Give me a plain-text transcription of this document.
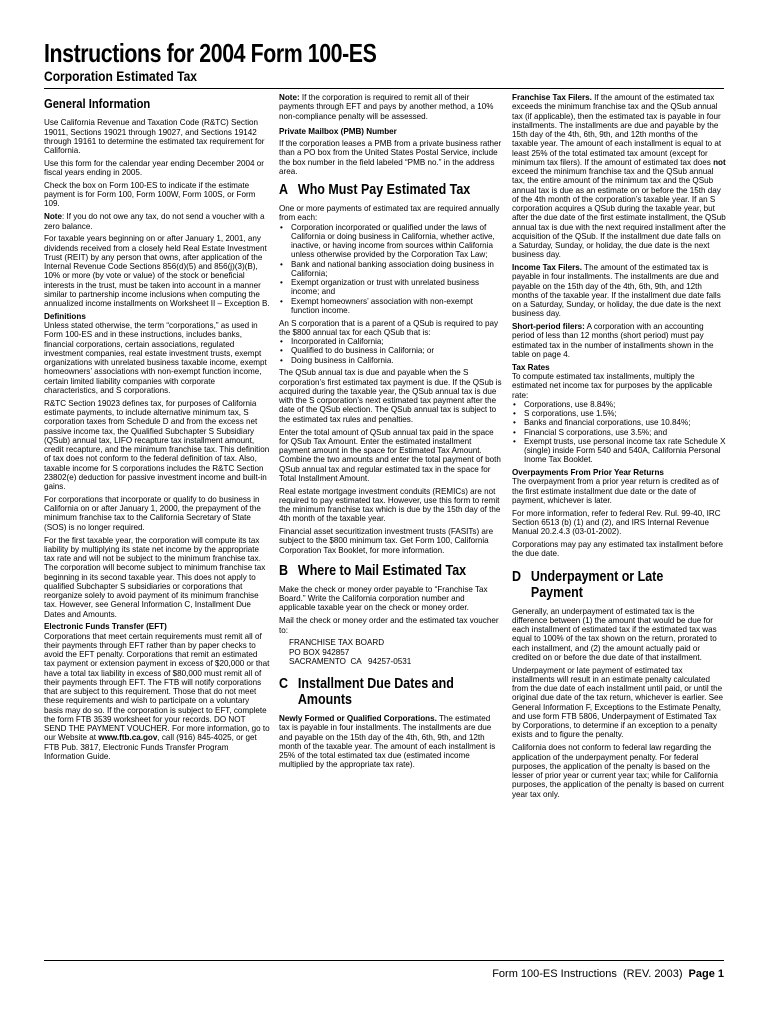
Instructions for 2004 Form 100-ES
Corporation Estimated Tax
General Information

Use California Revenue and Taxation Code (R&TC) Section 19011, Sections 19021 through 19027, and Sections 19142 through 19161 to determine the estimated tax requirement for California.

Use this form for the calendar year ending December 2004 or fiscal years ending in 2005.

Check the box on Form 100-ES to indicate if the estimate payment is for Form 100, Form 100W, Form 100S, or Form 109.

Note: If you do not owe any tax, do not send a voucher with a zero balance.

For taxable years beginning on or after January 1, 2001, any dividends received from a closely held Real Estate Investment Trust (REIT) by any person that owns, after application of the Internal Revenue Code Sections 856(d)(5) and 856(j)(3)(B), 10% or more (by vote or value) of the stock or beneficial interests in the trust, must be taken into account in a manner similar to partnership income inclusions when computing the annualized income installments on Worksheet II – Exception B.

Definitions
Unless stated otherwise, the term “corporations,” as used in Form 100-ES and in these instructions, includes banks, financial corporations, certain associations, regulated investment companies, real estate investment trusts, exempt organizations with unrelated business taxable income, exempt homeowners’ associations with non-exempt function income, certain limited liability companies with corporate characteristics, and S corporations.

R&TC Section 19023 defines tax, for purposes of California estimate payments, to include alternative minimum tax, S corporation taxes from Schedule D and from the excess net passive income tax, the Qualified Subchapter S Subsidiary (QSub) annual tax, LIFO recapture tax installment amount, credit recapture, and the minimum franchise tax. This definition of tax does not conform to the federal definition of tax. Also, taxable income for S corporations includes the R&TC Section 23802(e) deduction for passive investment income and built-in gains.

For corporations that incorporate or qualify to do business in California on or after January 1, 2000, the prepayment of the minimum franchise tax to the California Secretary of State (SOS) is no longer required.

For the first taxable year, the corporation will compute its tax liability by multiplying its state net income by the appropriate tax rate and will not be subject to the minimum franchise tax. The corporation will become subject to minimum franchise tax beginning in its second taxable year. This does not apply to qualified Subchapter S subsidiaries or corporations that reorganize solely to avoid payment of its minimum franchise tax. However, see General Information C, Installment Due Dates and Amounts.

Electronic Funds Transfer (EFT)
Corporations that meet certain requirements must remit all of their payments through EFT rather than by paper checks to avoid the EFT penalty. Corporations that remit an estimated tax payment or extension payment in excess of $20,000 or that have a total tax liability in excess of $80,000 must remit all of their payments through EFT. The FTB will notify corporations that are subject to this requirement. Those that do not meet these requirements and wish to participate on a voluntary basis may do so. If the corporation is subject to EFT, complete the form FTB 3539 worksheet for your records. DO NOT SEND THE PAYMENT VOUCHER. For more information, go to our Website at www.ftb.ca.gov, call (916) 845-4025, or get FTB Pub. 3817, Electronic Funds Transfer Program Information Guide.

Note: If the corporation is required to remit all of their payments through EFT and pays by another method, a 10% non-compliance penalty will be assessed.

Private Mailbox (PMB) Number
If the corporation leases a PMB from a private business rather than a PO box from the United States Postal Service, include the box number in the field labeled “PMB no.” in the address area.

A Who Must Pay Estimated Tax

One or more payments of estimated tax are required annually from each:

• Corporation incorporated or qualified under the laws of California or doing business in California, whether active, inactive, or having income from sources within California unless otherwise provided by the Corporation Tax Law;
• Bank and national banking association doing business in California;
• Exempt organization or trust with unrelated business income; and
• Exempt homeowners’ association with non-exempt function income.

An S corporation that is a parent of a QSub is required to pay the $800 annual tax for each QSub that is:

• Incorporated in California;
• Qualified to do business in California; or
• Doing business in California.

The QSub annual tax is due and payable when the S corporation’s first estimated tax payment is due. If the QSub is acquired during the taxable year, the QSub annual tax is due with the S corporation’s next estimated tax payment after the date of the QSub election. The QSub annual tax is subject to the estimated tax rules and penalties.

Enter the total amount of QSub annual tax paid in the space for QSub Tax Amount. Enter the estimated installment payment amount in the space for Estimated Tax Amount. Combine the two amounts and enter the total payment of both QSub annual tax and regular estimated tax in the space for Total Installment Amount.

Real estate mortgage investment conduits (REMICs) are not required to pay estimated tax. However, use this form to remit the minimum franchise tax which is due by the 15th day of the 4th month of the taxable year.

Financial asset securitization investment trusts (FASITs) are subject to the $800 minimum tax. Get Form 100, California Corporation Tax Booklet, for more information.

B Where to Mail Estimated Tax

Make the check or money order payable to “Franchise Tax Board.” Write the California corporation number and applicable taxable year on the check or money order.

Mail the check or money order and the estimated tax voucher to:

FRANCHISE TAX BOARD
PO BOX 942857
SACRAMENTO  CA   94257-0531
C Installment Due Dates and
Amounts

Newly Formed or Qualified Corporations. The estimated tax is payable in four installments. The installments are due and payable on the 15th day of the 4th, 6th, 9th, and 12th month of the taxable year. The amount of each installment is 25% of the total estimated tax due (estimated income multiplied by the appropriate tax rate).

Franchise Tax Filers. If the amount of the estimated tax exceeds the minimum franchise tax and the QSub annual tax (if applicable), then the estimated tax is payable in four installments. The installments are due and payable by the 15th day of the 4th, 6th, 9th, and 12th months of the taxable year. The amount of each installment is equal to at least 25% of the total estimated tax amount (except for minimum tax filers). If the amount of estimated tax does not exceed the minimum franchise tax and the QSub annual tax, the entire amount of the minimum tax and the QSub annual tax is due as an estimate on or before the 15th day of the 4th month of the corporation’s taxable year. If an S corporation acquires a QSub during the taxable year, but after the due date of the first estimate installment, the QSub annual tax is due with the next required installment after the acquisition of the QSub. If the installment due date falls on a Saturday, Sunday, or holiday, the due date is the next business day.

Income Tax Filers. The amount of the estimated tax is payable in four installments. The installments are due and payable on the 15th day of the 4th, 6th, 9th, and 12th months of the taxable year. If the installment due date falls on a Saturday, Sunday, or holiday, the due date is the next business day.

Short-period filers: A corporation with an accounting period of less than 12 months (short period) must pay estimated tax in the number of installments shown in the table on page 4.

Tax Rates
To compute estimated tax installments, multiply the estimated net income tax for purposes by the applicable rate:

• Corporations, use 8.84%;
• S corporations, use 1.5%;
• Banks and financial corporations, use 10.84%;
• Financial S corporations, use 3.5%; and
• Exempt trusts, use personal income tax rate Schedule X (single) inside Form 540 and 540A, California Personal Inome Tax Booklet.

Overpayments From Prior Year Returns
The overpayment from a prior year return is credited as of the first estimate installment due date or the date of payment, whichever is later.

For more information, refer to federal Rev. Rul. 99-40, IRC Section 6513 (b) (1) and (2), and IRS Internal Revenue Manual 20.2.4.3 (03-01-2002).

Corporations may pay any estimated tax installment before the due date.

D Underpayment or Late
Payment

Generally, an underpayment of estimated tax is the difference between (1) the amount that would be due for each installment of estimated tax if the estimated tax was equal to 100% of the tax shown on the return, prorated to each installment, and (2) the amount actually paid or credited on or before the due date of that installment.

Underpayment or late payment of estimated tax installments will result in an estimate penalty calculated from the due date of each installment until paid, or until the original due date of the tax return, whichever is earlier. See General Information F, Exceptions to the Estimate Penalty, and use form FTB 5806, Underpayment of Estimated Tax by Corporations, to determine if an exception to a penalty exists and to figure the penalty.

California does not conform to federal law regarding the application of the underpayment penalty. For federal purposes, the application of the penalty is based on the lesser of prior year or current year tax; while for California purposes, the application of the penalty is based on current year tax only.

Form 100-ES Instructions  (REV. 2003) Page 1
